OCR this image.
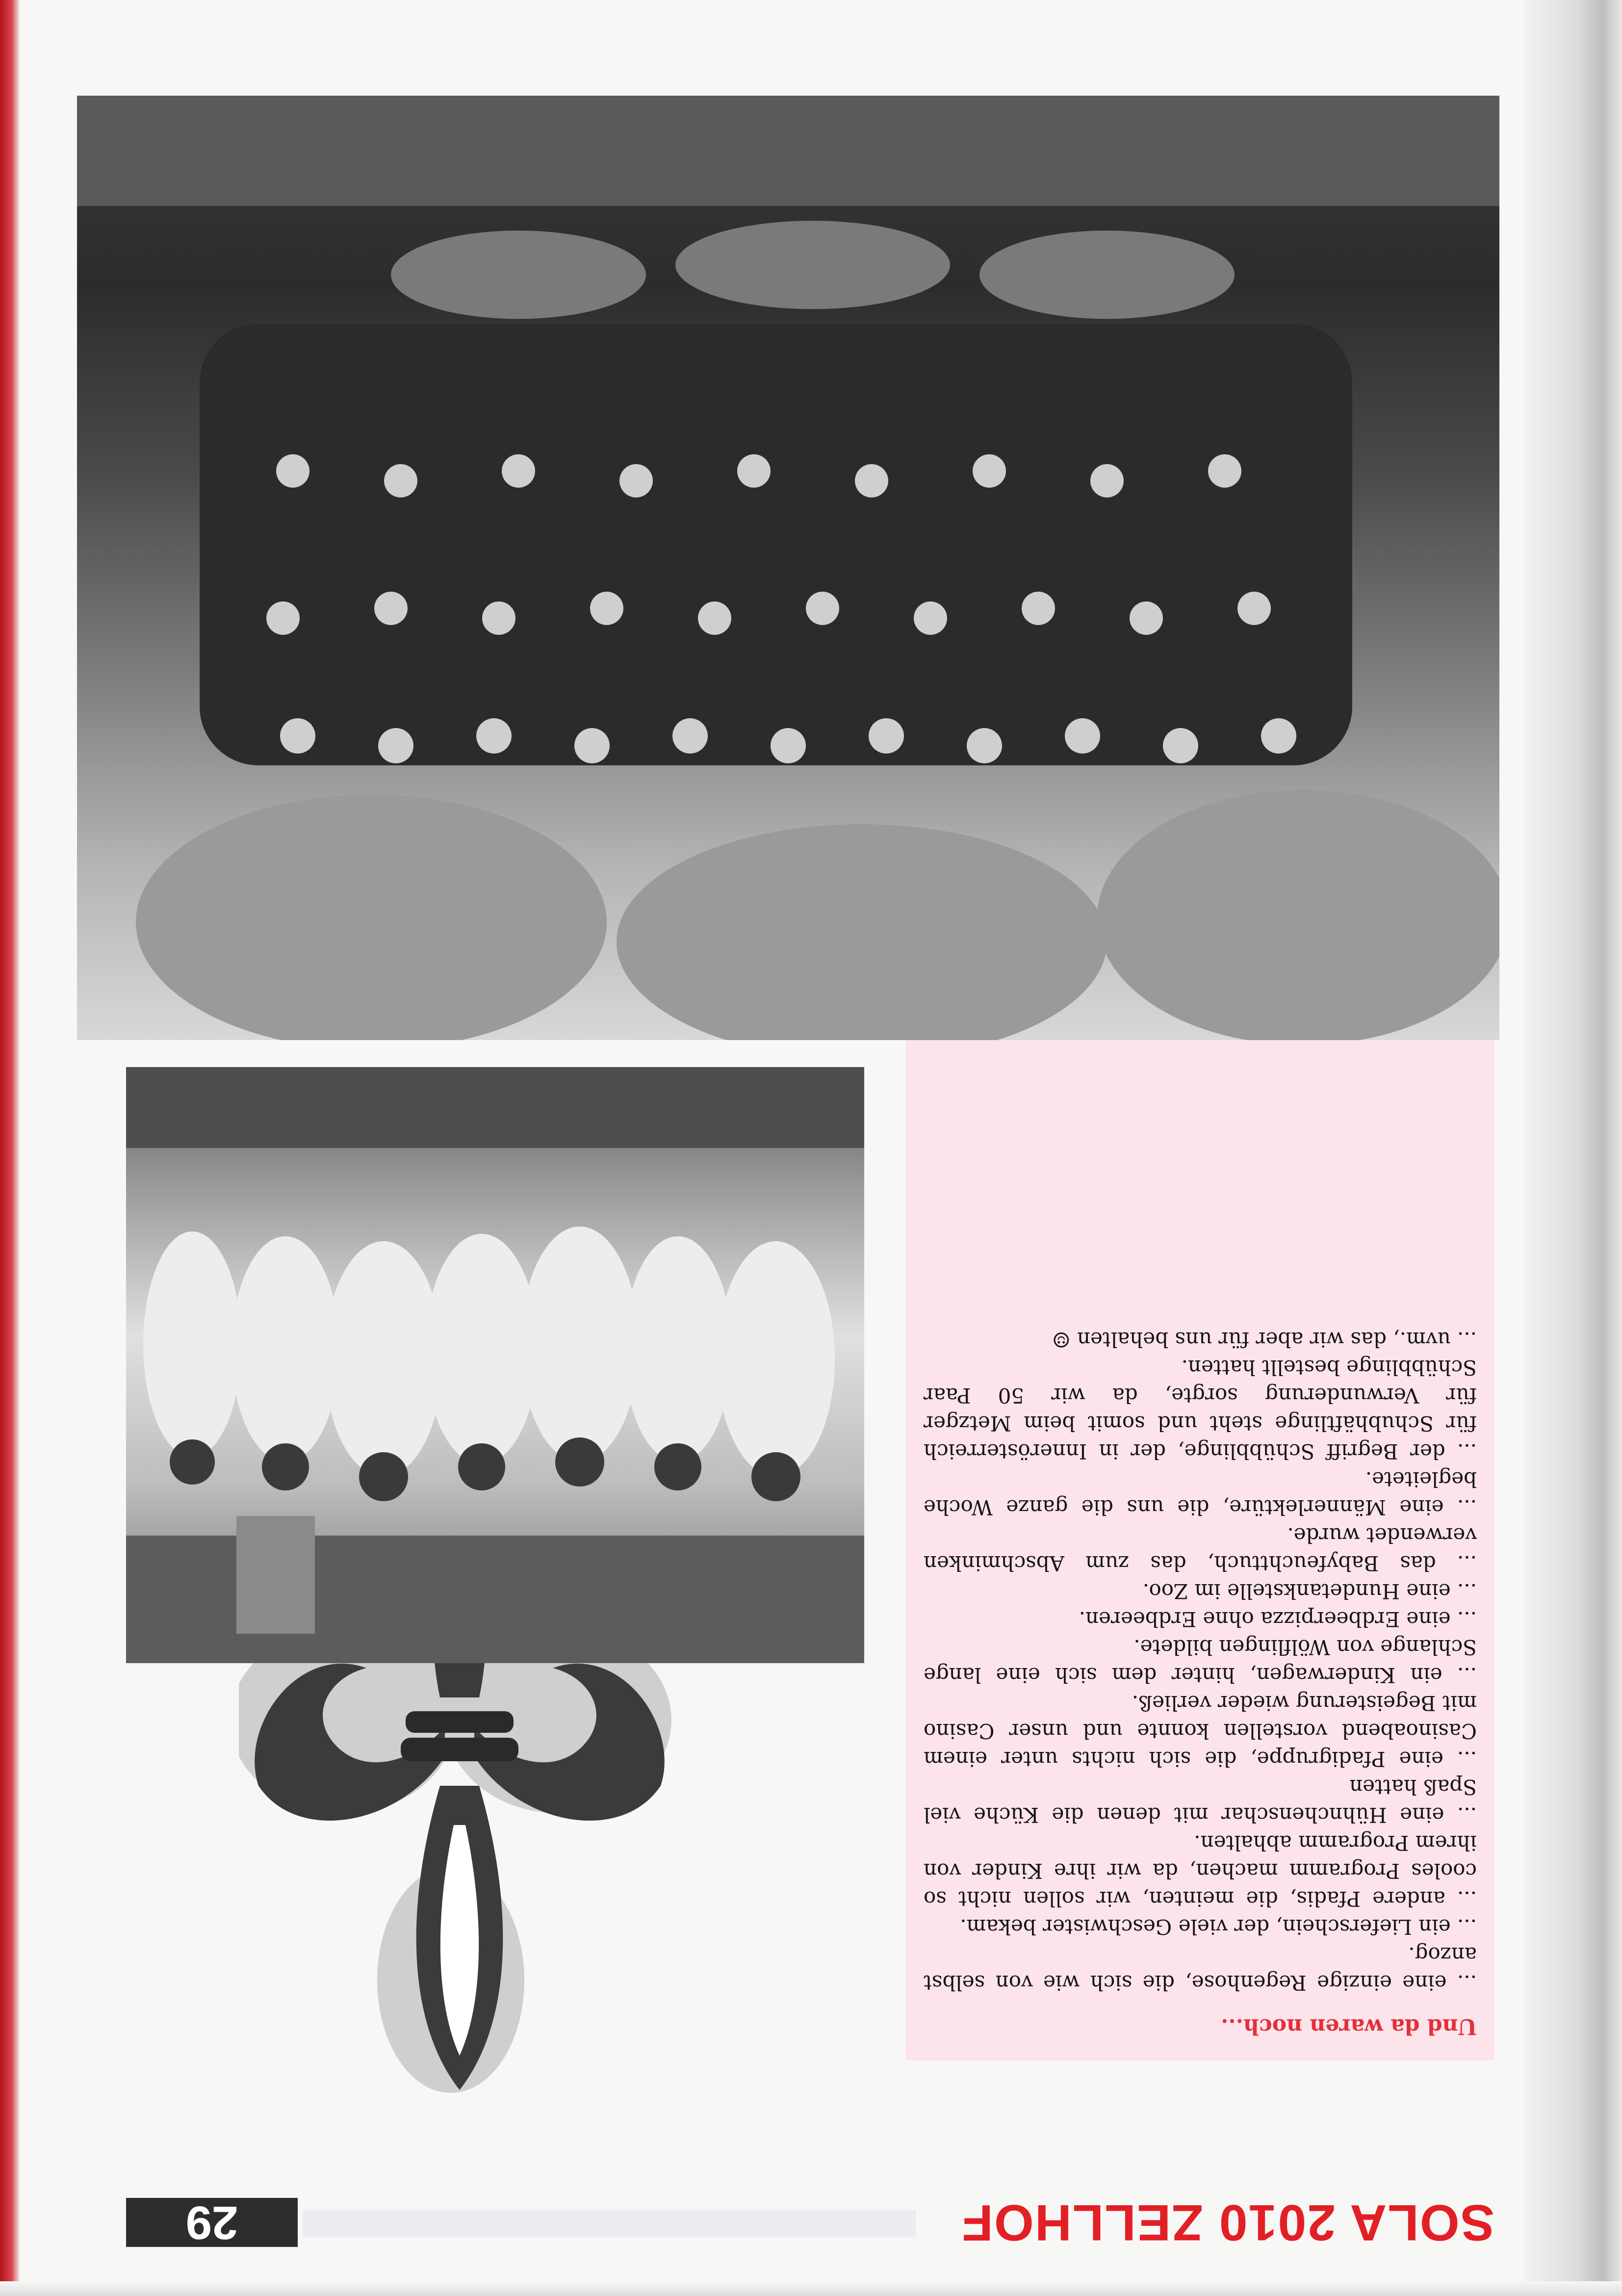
SOLA 2010 ZELLHOF
29
Und da waren noch...
... eine einzige Regenhose, die sich wie von selbst anzog.
... ein Lieferschein, der viele Geschwister bekam.
... andere Pfadis, die meinten, wir sollen nicht so cooles Programm machen, da wir ihre Kinder von ihrem Programm abhalten.
... eine Hühnchenschar mit denen die Küche viel Spaß hatten
... eine Pfadigruppe, die sich nichts unter einem Casinoabend vorstellen konnte und unser Casino mit Begeisterung wieder verließ.
... ein Kinderwagen, hinter dem sich eine lange Schlange von Wölflingen bildete.
... eine Erdbeerpizza ohne Erdbeeren.
... eine Hundetankstelle im Zoo.
... das Babyfeuchttuch, das zum Abschminken verwendet wurde.
... eine Männerlektüre, die uns die ganze Woche begleitete.
... der Begriff Schübblinge, der in Innerösterreich für Schubhäftlinge steht und somit beim Metzger für Verwunderung sorgte, da wir 50 Paar Schübblinge bestellt hatten.
... uvm., das wir aber für uns behalten ☺
